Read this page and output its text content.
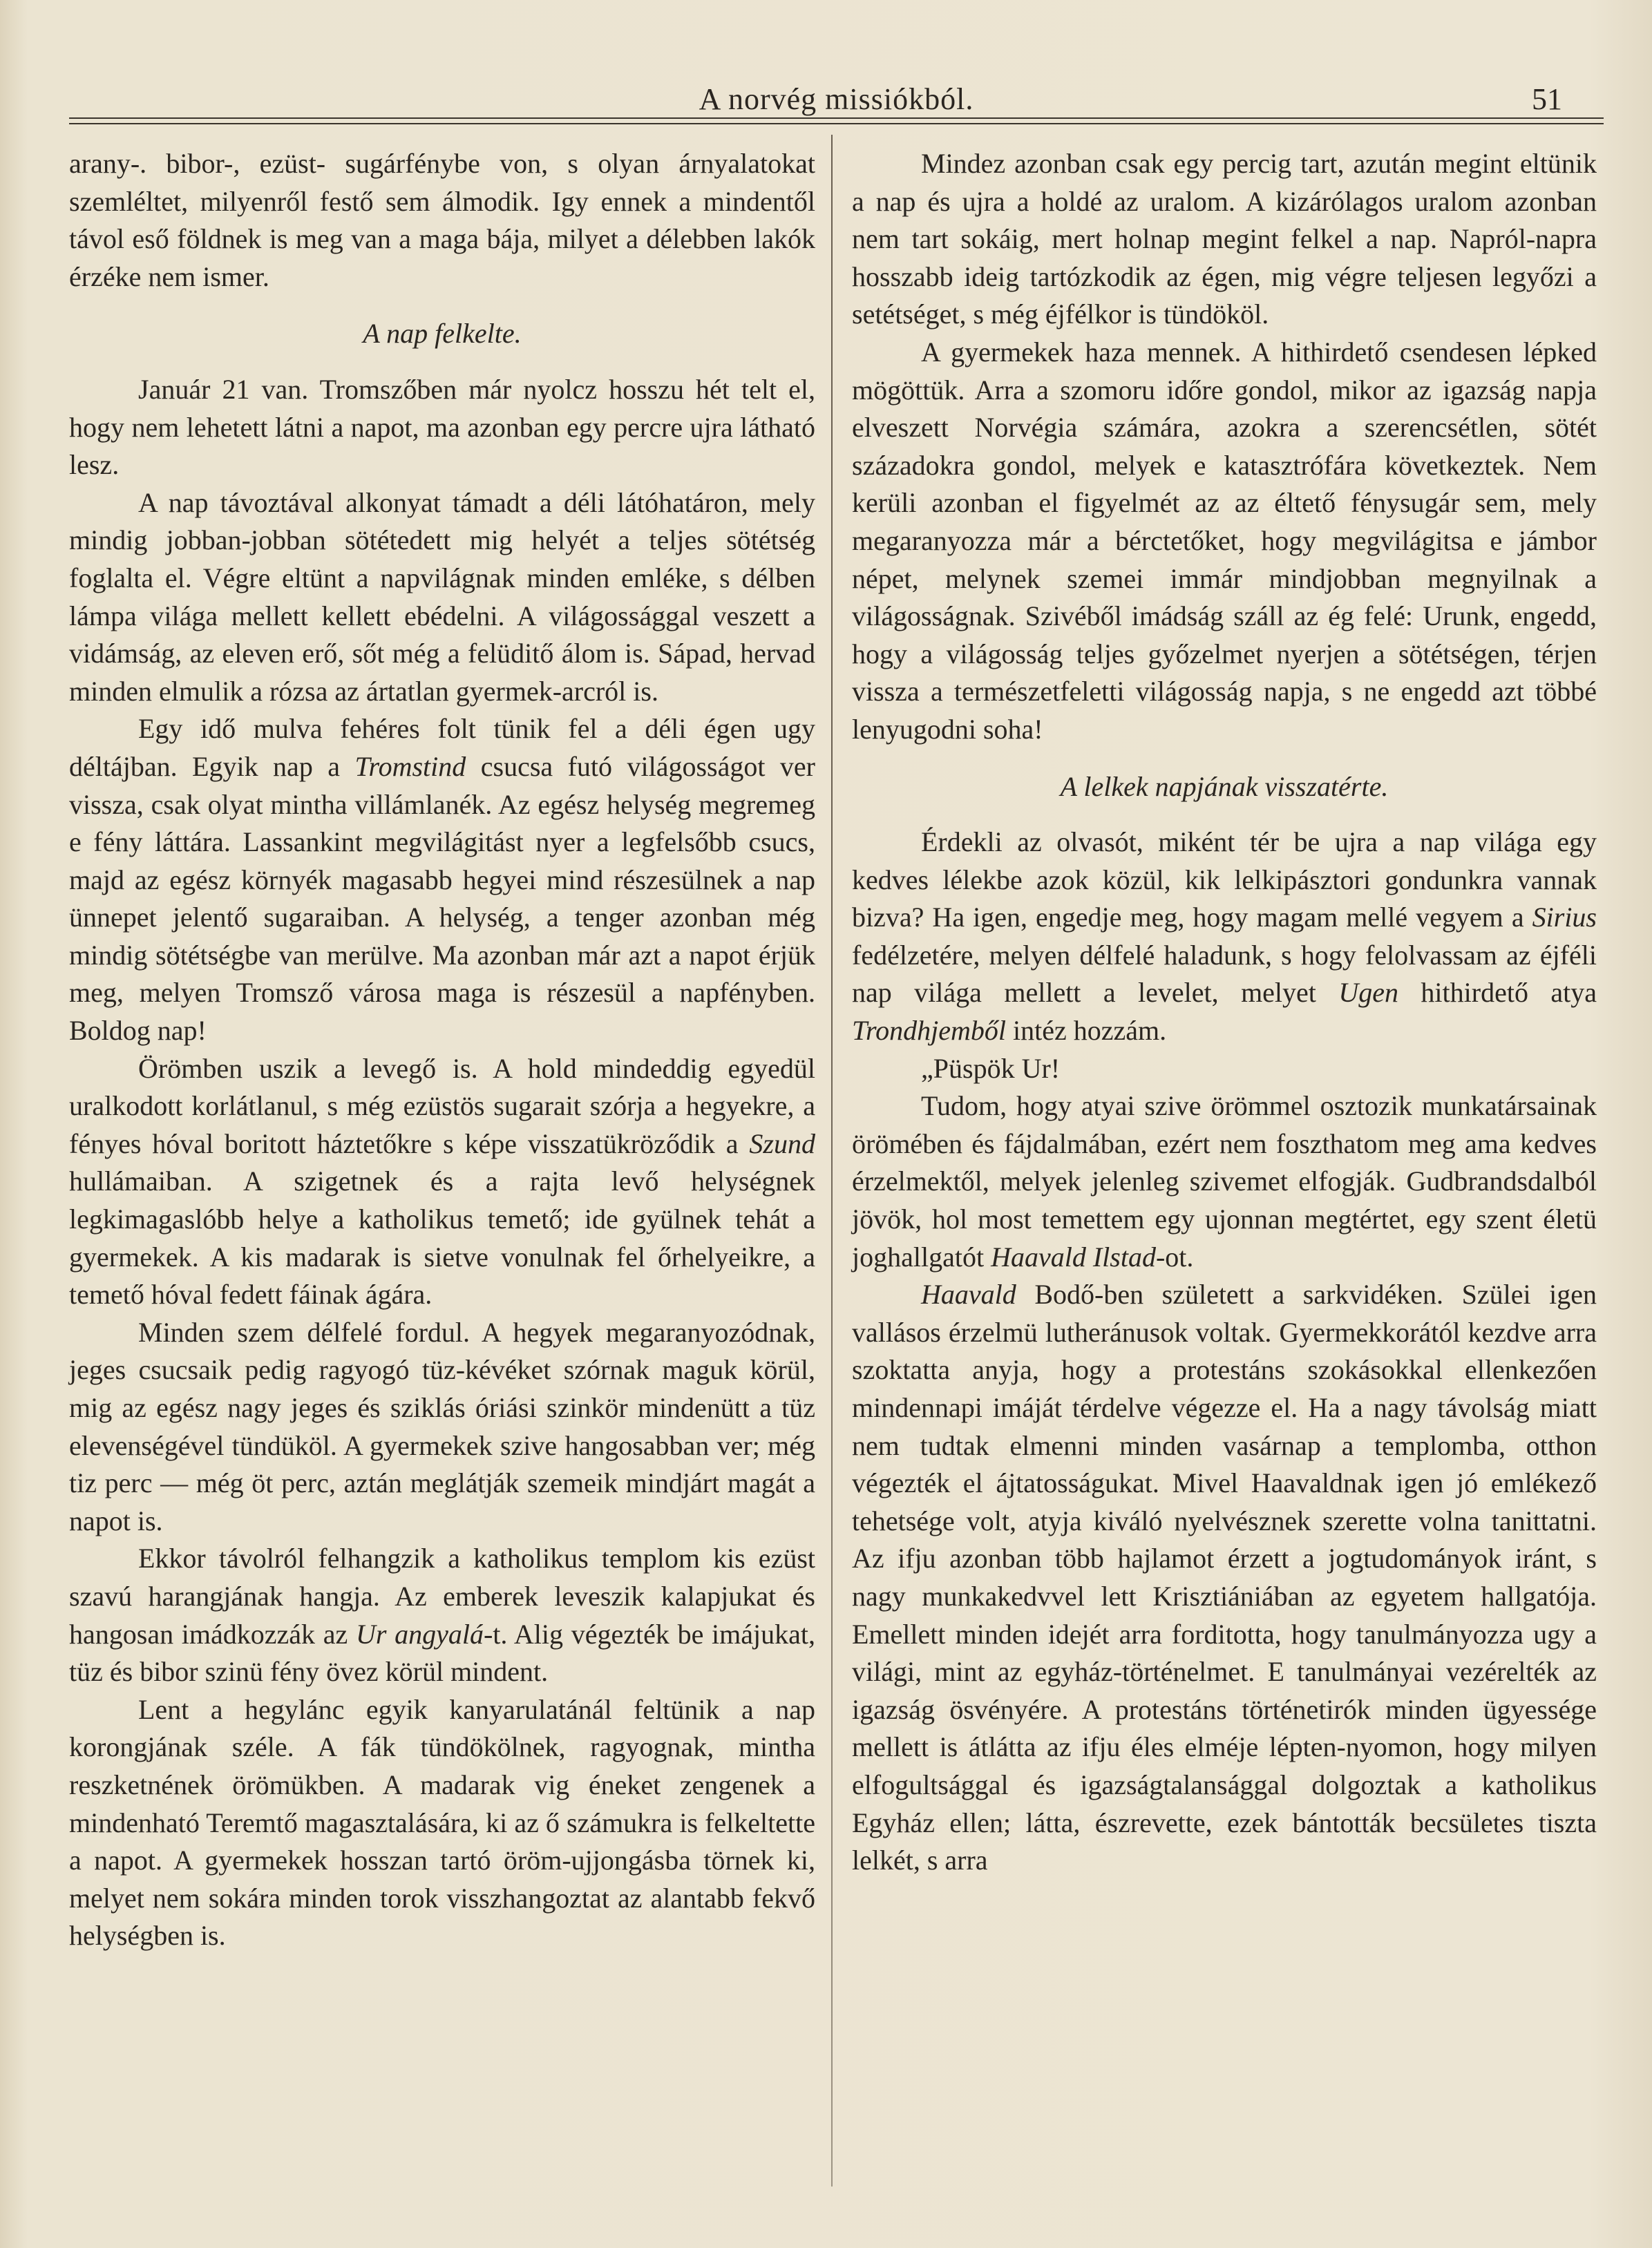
A norvég missiókból.	51

arany-. bibor-, ezüst- sugárfénybe von, s olyan árnyalatokat szemléltet, milyenről festő sem álmodik. Igy ennek a mindentől távol eső földnek is meg van a maga bája, milyet a délebben lakók érzéke nem ismer.

A nap felkelte.

Január 21 van. Tromszőben már nyolcz hosszu hét telt el, hogy nem lehetett látni a napot, ma azonban egy percre ujra látható lesz.

A nap távoztával alkonyat támadt a déli látóhatáron, mely mindig jobban-jobban sötétedett mig helyét a teljes sötétség foglalta el. Végre eltünt a napvilágnak minden emléke, s délben lámpa világa mellett kellett ebédelni. A világossággal veszett a vidámság, az eleven erő, sőt még a felüditő álom is. Sápad, hervad minden elmulik a rózsa az ártatlan gyermek-arcról is.

Egy idő mulva fehéres folt tünik fel a déli égen ugy déltájban. Egyik nap a Tromstind csucsa futó világosságot ver vissza, csak olyat mintha villámlanék. Az egész helység megremeg e fény láttára. Lassankint megvilágitást nyer a legfelsőbb csucs, majd az egész környék magasabb hegyei mind részesülnek a nap ünnepet jelentő sugaraiban. A helység, a tenger azonban még mindig sötétségbe van merülve. Ma azonban már azt a napot érjük meg, melyen Tromsző városa maga is részesül a napfényben. Boldog nap!

Örömben uszik a levegő is. A hold mindeddig egyedül uralkodott korlátlanul, s még ezüstös sugarait szórja a hegyekre, a fényes hóval boritott háztetőkre s képe visszatükröződik a Szund hullámaiban. A szigetnek és a rajta levő helységnek legkimagaslóbb helye a katholikus temető; ide gyülnek tehát a gyermekek. A kis madarak is sietve vonulnak fel őrhelyeikre, a temető hóval fedett fáinak ágára.

Minden szem délfelé fordul. A hegyek megaranyozódnak, jeges csucsaik pedig ragyogó tüz-kévéket szórnak maguk körül, mig az egész nagy jeges és sziklás óriási szinkör mindenütt a tüz elevenségével tündüköl. A gyermekek szive hangosabban ver; még tiz perc — még öt perc, aztán meglátják szemeik mindjárt magát a napot is.

Ekkor távolról felhangzik a katholikus templom kis ezüst szavú harangjának hangja. Az emberek leveszik kalapjukat és hangosan imádkozzák az Ur angyalá-t. Alig végezték be imájukat, tüz és bibor szinü fény övez körül mindent.

Lent a hegylánc egyik kanyarulatánál feltünik a nap korongjának széle. A fák tündökölnek, ragyognak, mintha reszketnének örömükben. A madarak vig éneket zengenek a mindenható Teremtő magasztalására, ki az ő számukra is felkeltette a napot. A gyermekek hosszan tartó öröm-ujjongásba törnek ki, melyet nem sokára minden torok visszhangoztat az alantabb fekvő helységben is.

Mindez azonban csak egy percig tart, azután megint eltünik a nap és ujra a holdé az uralom. A kizárólagos uralom azonban nem tart sokáig, mert holnap megint felkel a nap. Napról-napra hosszabb ideig tartózkodik az égen, mig végre teljesen legyőzi a setétséget, s még éjfélkor is tündököl.

A gyermekek haza mennek. A hithirdető csendesen lépked mögöttük. Arra a szomoru időre gondol, mikor az igazság napja elveszett Norvégia számára, azokra a szerencsétlen, sötét századokra gondol, melyek e katasztrófára következtek. Nem kerüli azonban el figyelmét az az éltető fénysugár sem, mely megaranyozza már a bérctetőket, hogy megvilágitsa e jámbor népet, melynek szemei immár mindjobban megnyilnak a világosságnak. Szivéből imádság száll az ég felé: Urunk, engedd, hogy a világosság teljes győzelmet nyerjen a sötétségen, térjen vissza a természetfeletti világosság napja, s ne engedd azt többé lenyugodni soha!

A lelkek napjának visszatérte.

Érdekli az olvasót, miként tér be ujra a nap világa egy kedves lélekbe azok közül, kik lelkipásztori gondunkra vannak bizva? Ha igen, engedje meg, hogy magam mellé vegyem a Sirius fedélzetére, melyen délfelé haladunk, s hogy felolvassam az éjféli nap világa mellett a levelet, melyet Ugen hithirdető atya Trondhjemből intéz hozzám.

„Püspök Ur!

Tudom, hogy atyai szive örömmel osztozik munkatársainak örömében és fájdalmában, ezért nem foszthatom meg ama kedves érzelmektől, melyek jelenleg szivemet elfogják. Gudbrandsdalból jövök, hol most temettem egy ujonnan megtértet, egy szent életü joghallgatót Haavald Ilstad-ot.

Haavald Bodő-ben született a sarkvidéken. Szülei igen vallásos érzelmü lutheránusok voltak. Gyermekkorától kezdve arra szoktatta anyja, hogy a protestáns szokásokkal ellenkezően mindennapi imáját térdelve végezze el. Ha a nagy távolság miatt nem tudtak elmenni minden vasárnap a templomba, otthon végezték el ájtatosságukat. Mivel Haavaldnak igen jó emlékező tehetsége volt, atyja kiváló nyelvésznek szerette volna tanittatni. Az ifju azonban több hajlamot érzett a jogtudományok iránt, s nagy munkakedvvel lett Krisztiániában az egyetem hallgatója. Emellett minden idejét arra forditotta, hogy tanulmányozza ugy a világi, mint az egyház-történelmet. E tanulmányai vezérelték az igazság ösvényére. A protestáns történetirók minden ügyessége mellett is átlátta az ifju éles elméje lépten-nyomon, hogy milyen elfogultsággal és igazságtalansággal dolgoztak a katholikus Egyház ellen; látta, észrevette, ezek bántották becsületes tiszta lelkét, s arra
